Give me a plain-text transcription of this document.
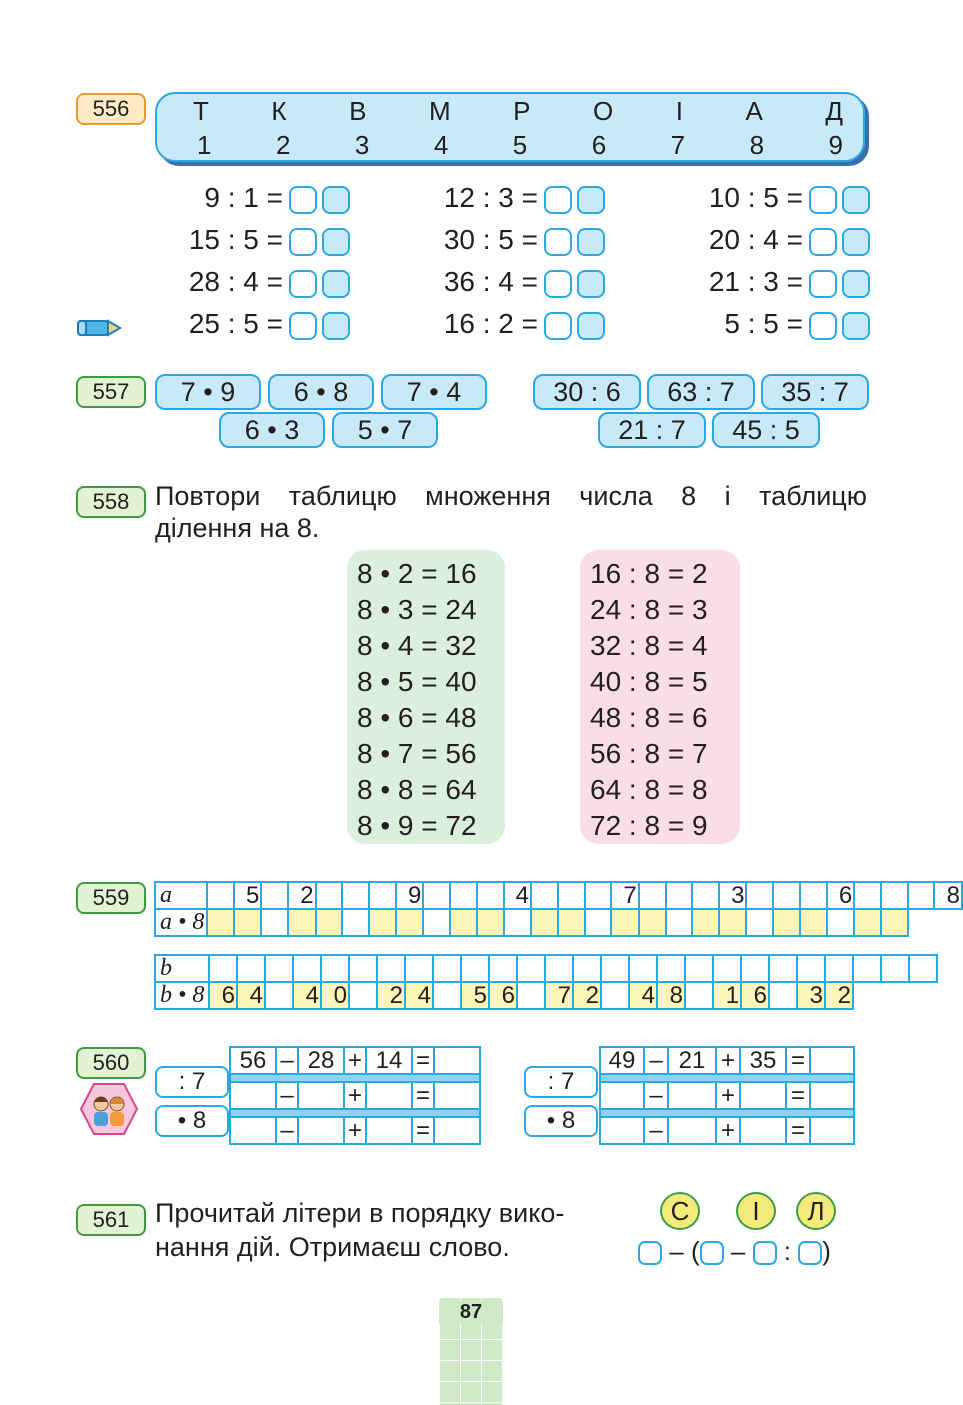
556	Т К В М Р О І А Д
1 2 3 4 5 6 7 8 9
9 : 1 =	12 : 3 =	10 : 5 =
15 : 5 =	30 : 5 =	20 : 4 =
28 : 4 =	36 : 4 =	21 : 3 =
25 : 5 =	16 : 2 =	5 : 5 =
557	7 • 9	6 • 8	7 • 4
6 • 3	5 • 7
30 : 6	63 : 7	35 : 7
21 : 7	45 : 5
558 Повтори таблицю множення числа 8 і таблицю
ділення на 8.
8 • 2 = 16
8 • 3 = 24
8 • 4 = 32
8 • 5 = 40
8 • 6 = 48
8 • 7 = 56
8 • 8 = 64
8 • 9 = 72
16 : 8 = 2
24 : 8 = 3
32 : 8 = 4
40 : 8 = 5
48 : 8 = 6
56 : 8 = 7
64 : 8 = 8
72 : 8 = 9
559	a		5		2				9				4				7				3				6				8
a • 8																												
b																										
b • 8	6	4		4	0		2	4		5	6		7	2		4	8		1	6		3	2			
560
: 7
• 8
56	–	28	+	14	=	

	–		+		=	

	–		+		=	
: 7
• 8
49	–	21	+	35	=	

	–		+		=	

	–		+		=	
561 Прочитай літери в порядку вико-
нання дій. Отримаєш слово.
С	І	Л
– ( – : )
87
